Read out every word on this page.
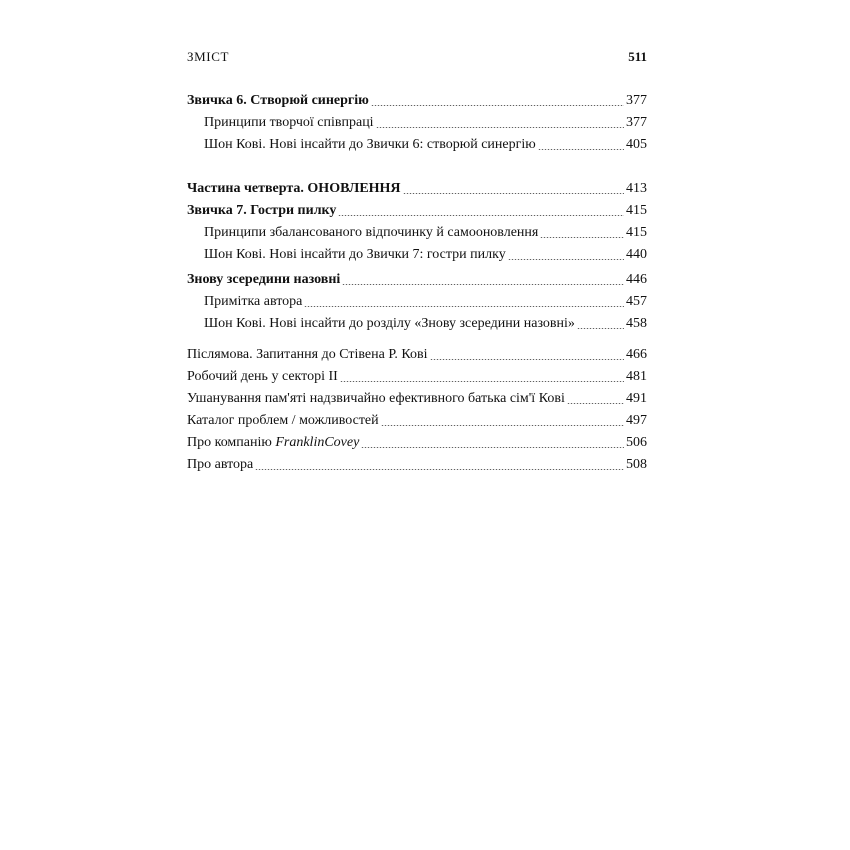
ЗМІСТ	511
Звичка 6. Створюй синергію	377
Принципи творчої співпраці	377
Шон Кові. Нові інсайти до Звички 6: створюй синергію	405
Частина четверта. ОНОВЛЕННЯ	413
Звичка 7. Гостри пилку	415
Принципи збалансованого відпочинку й самооновлення	415
Шон Кові. Нові інсайти до Звички 7: гостри пилку	440
Знову зсередини назовні	446
Примітка автора	457
Шон Кові. Нові інсайти до розділу «Знову зсередини назовні»	458
Післямова. Запитання до Стівена Р. Кові	466
Робочий день у секторі ІІ	481
Ушанування пам'яті надзвичайно ефективного батька сім'ї Кові	491
Каталог проблем / можливостей	497
Про компанію FranklinCovey	506
Про автора	508
